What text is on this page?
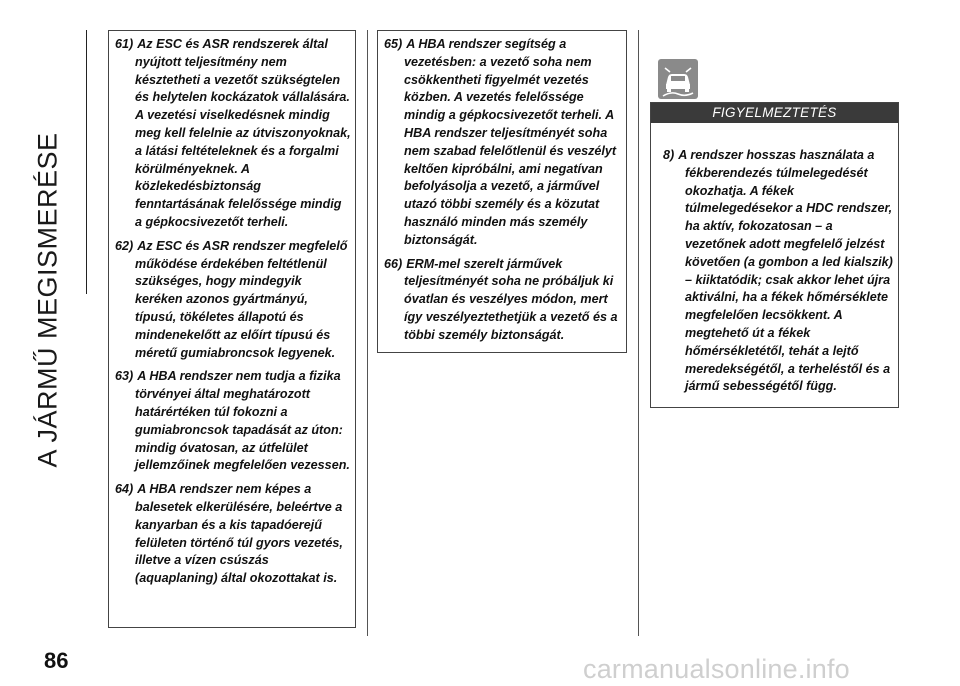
A JÁRMŰ MEGISMERÉSE
61) Az ESC és ASR rendszerek által nyújtott teljesítmény nem késztetheti a vezetőt szükségtelen és helytelen kockázatok vállalására. A vezetési viselkedésnek mindig meg kell felelnie az útviszonyoknak, a látási feltételeknek és a forgalmi körülményeknek. A közlekedésbiztonság fenntartásának felelőssége mindig a gépkocsivezetőt terheli.
62) Az ESC és ASR rendszer megfelelő működése érdekében feltétlenül szükséges, hogy mindegyik keréken azonos gyártmányú, típusú, tökéletes állapotú és mindenekelőtt az előírt típusú és méretű gumiabroncsok legyenek.
63) A HBA rendszer nem tudja a fizika törvényei által meghatározott határértéken túl fokozni a gumiabroncsok tapadását az úton: mindig óvatosan, az útfelület jellemzőinek megfelelően vezessen.
64) A HBA rendszer nem képes a balesetek elkerülésére, beleértve a kanyarban és a kis tapadóerejű felületen történő túl gyors vezetés, illetve a vízen csúszás (aquaplaning) által okozottakat is.
65) A HBA rendszer segítség a vezetésben: a vezető soha nem csökkentheti figyelmét vezetés közben. A vezetés felelőssége mindig a gépkocsivezetőt terheli. A HBA rendszer teljesítményét soha nem szabad felelőtlenül és veszélyt keltően kipróbálni, ami negatívan befolyásolja a vezető, a járművel utazó többi személy és a közutat használó minden más személy biztonságát.
66) ERM-mel szerelt járművek teljesítményét soha ne próbáljuk ki óvatlan és veszélyes módon, mert így veszélyeztethetjük a vezető és a többi személy biztonságát.
FIGYELMEZTETÉS
8) A rendszer hosszas használata a fékberendezés túlmelegedését okozhatja. A fékek túlmelegedésekor a HDC rendszer, ha aktív, fokozatosan – a vezetőnek adott megfelelő jelzést követően (a gombon a led kialszik) – kiiktatódik; csak akkor lehet újra aktiválni, ha a fékek hőmérséklete megfelelően lecsökkent. A megtehető út a fékek hőmérsékletétől, tehát a lejtő meredekségétől, a terheléstől és a jármű sebességétől függ.
86	carmanualsonline.info
